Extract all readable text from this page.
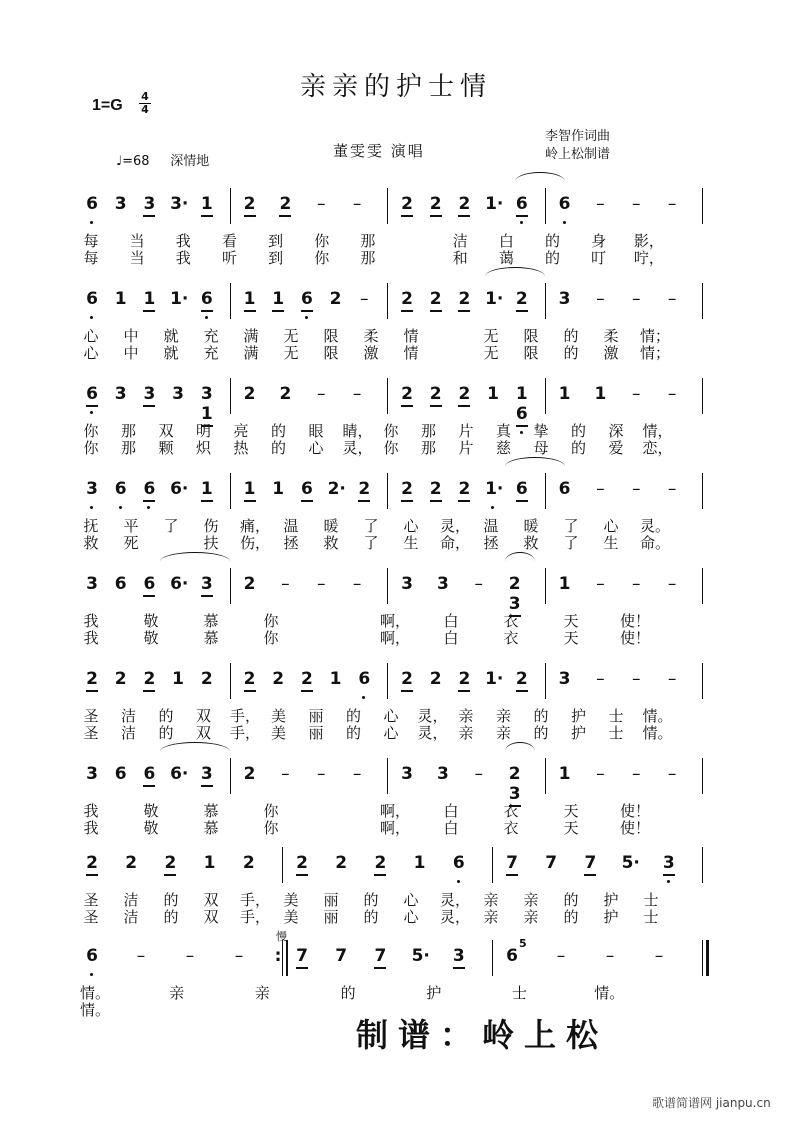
亲亲的护士情
1=G
4
4
♩=68 深情地
董雯雯 演唱
李智作词曲
岭上松制谱
6 3 3 3· 1 2 2 – – 2 2 2 1· 6 6 – – –
每 当 我 看 到 你 那	洁 白 的 身 影，
每 当 我 听 到 你 那	和 蔼 的 叮 咛，
6 1 1 1· 6 1 1 6 2 – 2 2 2 1· 2 3 – – –
心 中 就 充 满 无 限 柔 情	无 限 的 柔 情；
心 中 就 充 满 无 限 激 情	无 限 的 激 情；
6 3 3 3 3 1
2 2 – – 2 2 2 1 1 6
1 1 – –
你 那 双 明 亮 的 眼 睛， 你 那 片 真 挚 的 深 情，
你 那 颗 炽 热 的 心 灵， 你 那 片 慈 母 的 爱 恋，
3 6 6 6· 1 1 1 6 2· 2 2 2 2 1· 6 6 – – –
抚 平 了 伤 痛， 温 暖 了 心 灵， 温 暖 了 心 灵。
救 死	扶 伤， 拯 救 了 生 命， 拯 救 了 生 命。
3 6 6 6· 3 2 – – – 3 3 – 2 3
1 – – –
我	敬	慕	你	啊， 白	衣	天	使！
我	敬	慕	你	啊， 白	衣	天	使！
2 2 2 1 2 2 2 2 1 6 2 2 2 1· 2 3 – – –
圣 洁 的 双 手， 美 丽 的 心 灵， 亲 亲 的 护 士 情。
圣 洁 的 双 手， 美 丽 的 心 灵， 亲 亲 的 护 士 情。
3 6 6 6· 3 2 – – – 3 3 – 2 3
1 – – –
我	敬	慕	你	啊， 白	衣	天	使！
我	敬	慕	你	啊， 白	衣	天	使！
2 2 2 1 2 2 2 2 1 6 7 7 7 5· 3
圣 洁 的 双 手， 美 丽 的 心 灵， 亲 亲 的 护 士
圣 洁 的 双 手， 美 丽 的 心 灵， 亲 亲 的 护 士
6 – – – : 7 7 7 5· 3 6 – – –
情。	亲	亲	的	护	士	情。
情。
制谱：岭上松
歌谱简谱网 jianpu.cn
慢
5
